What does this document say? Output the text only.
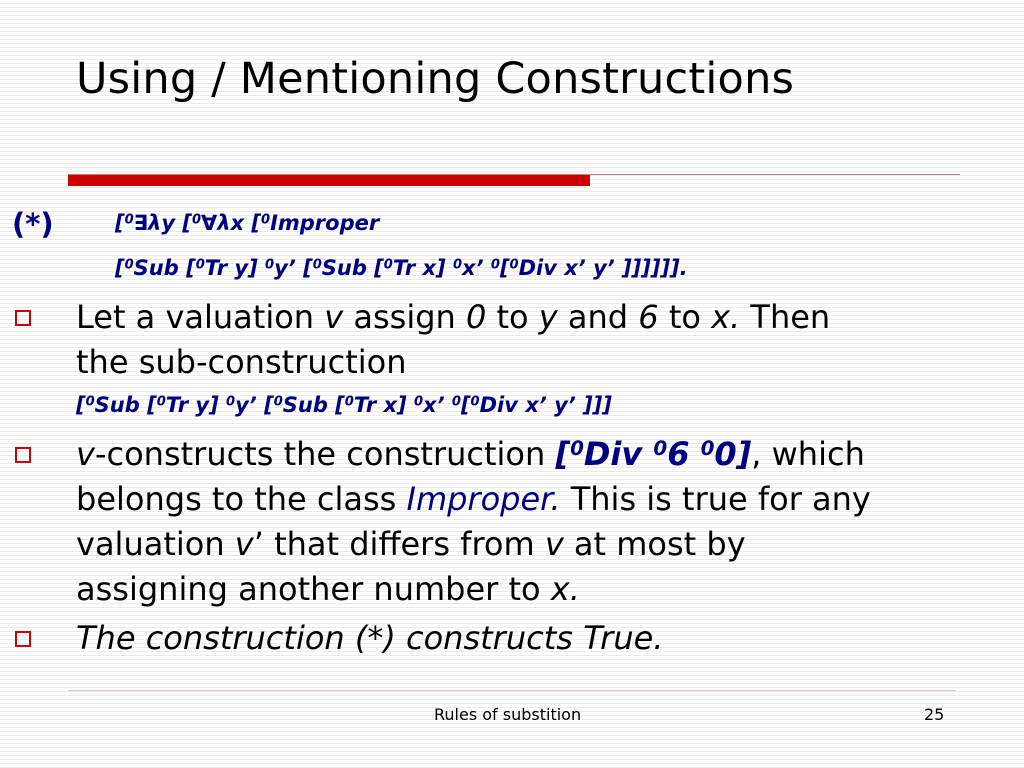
Using / Mentioning Constructions
(*)	[$^0$∃λy [$^0$∀λx [$^0$Improper
[$^0$Sub [$^0$Tr y] $^0$y’ [$^0$Sub [$^0$Tr x] $^0$x’ $^0$[$^0$Div x’ y’ ]]]]]].
Let a valuation v assign 0 to y and 6 to x. Then
the sub-construction
[$^0$Sub [$^0$Tr y] $^0$y’ [$^0$Sub [$^0$Tr x] $^0$x’ $^0$[$^0$Div x’ y’ ]]]
v-constructs the construction [$^0$Div $^0$6 $^0$0], which
belongs to the class Improper. This is true for any
valuation v’ that differs from v at most by
assigning another number to x.
The construction (*) constructs True.
Rules of substition	25
